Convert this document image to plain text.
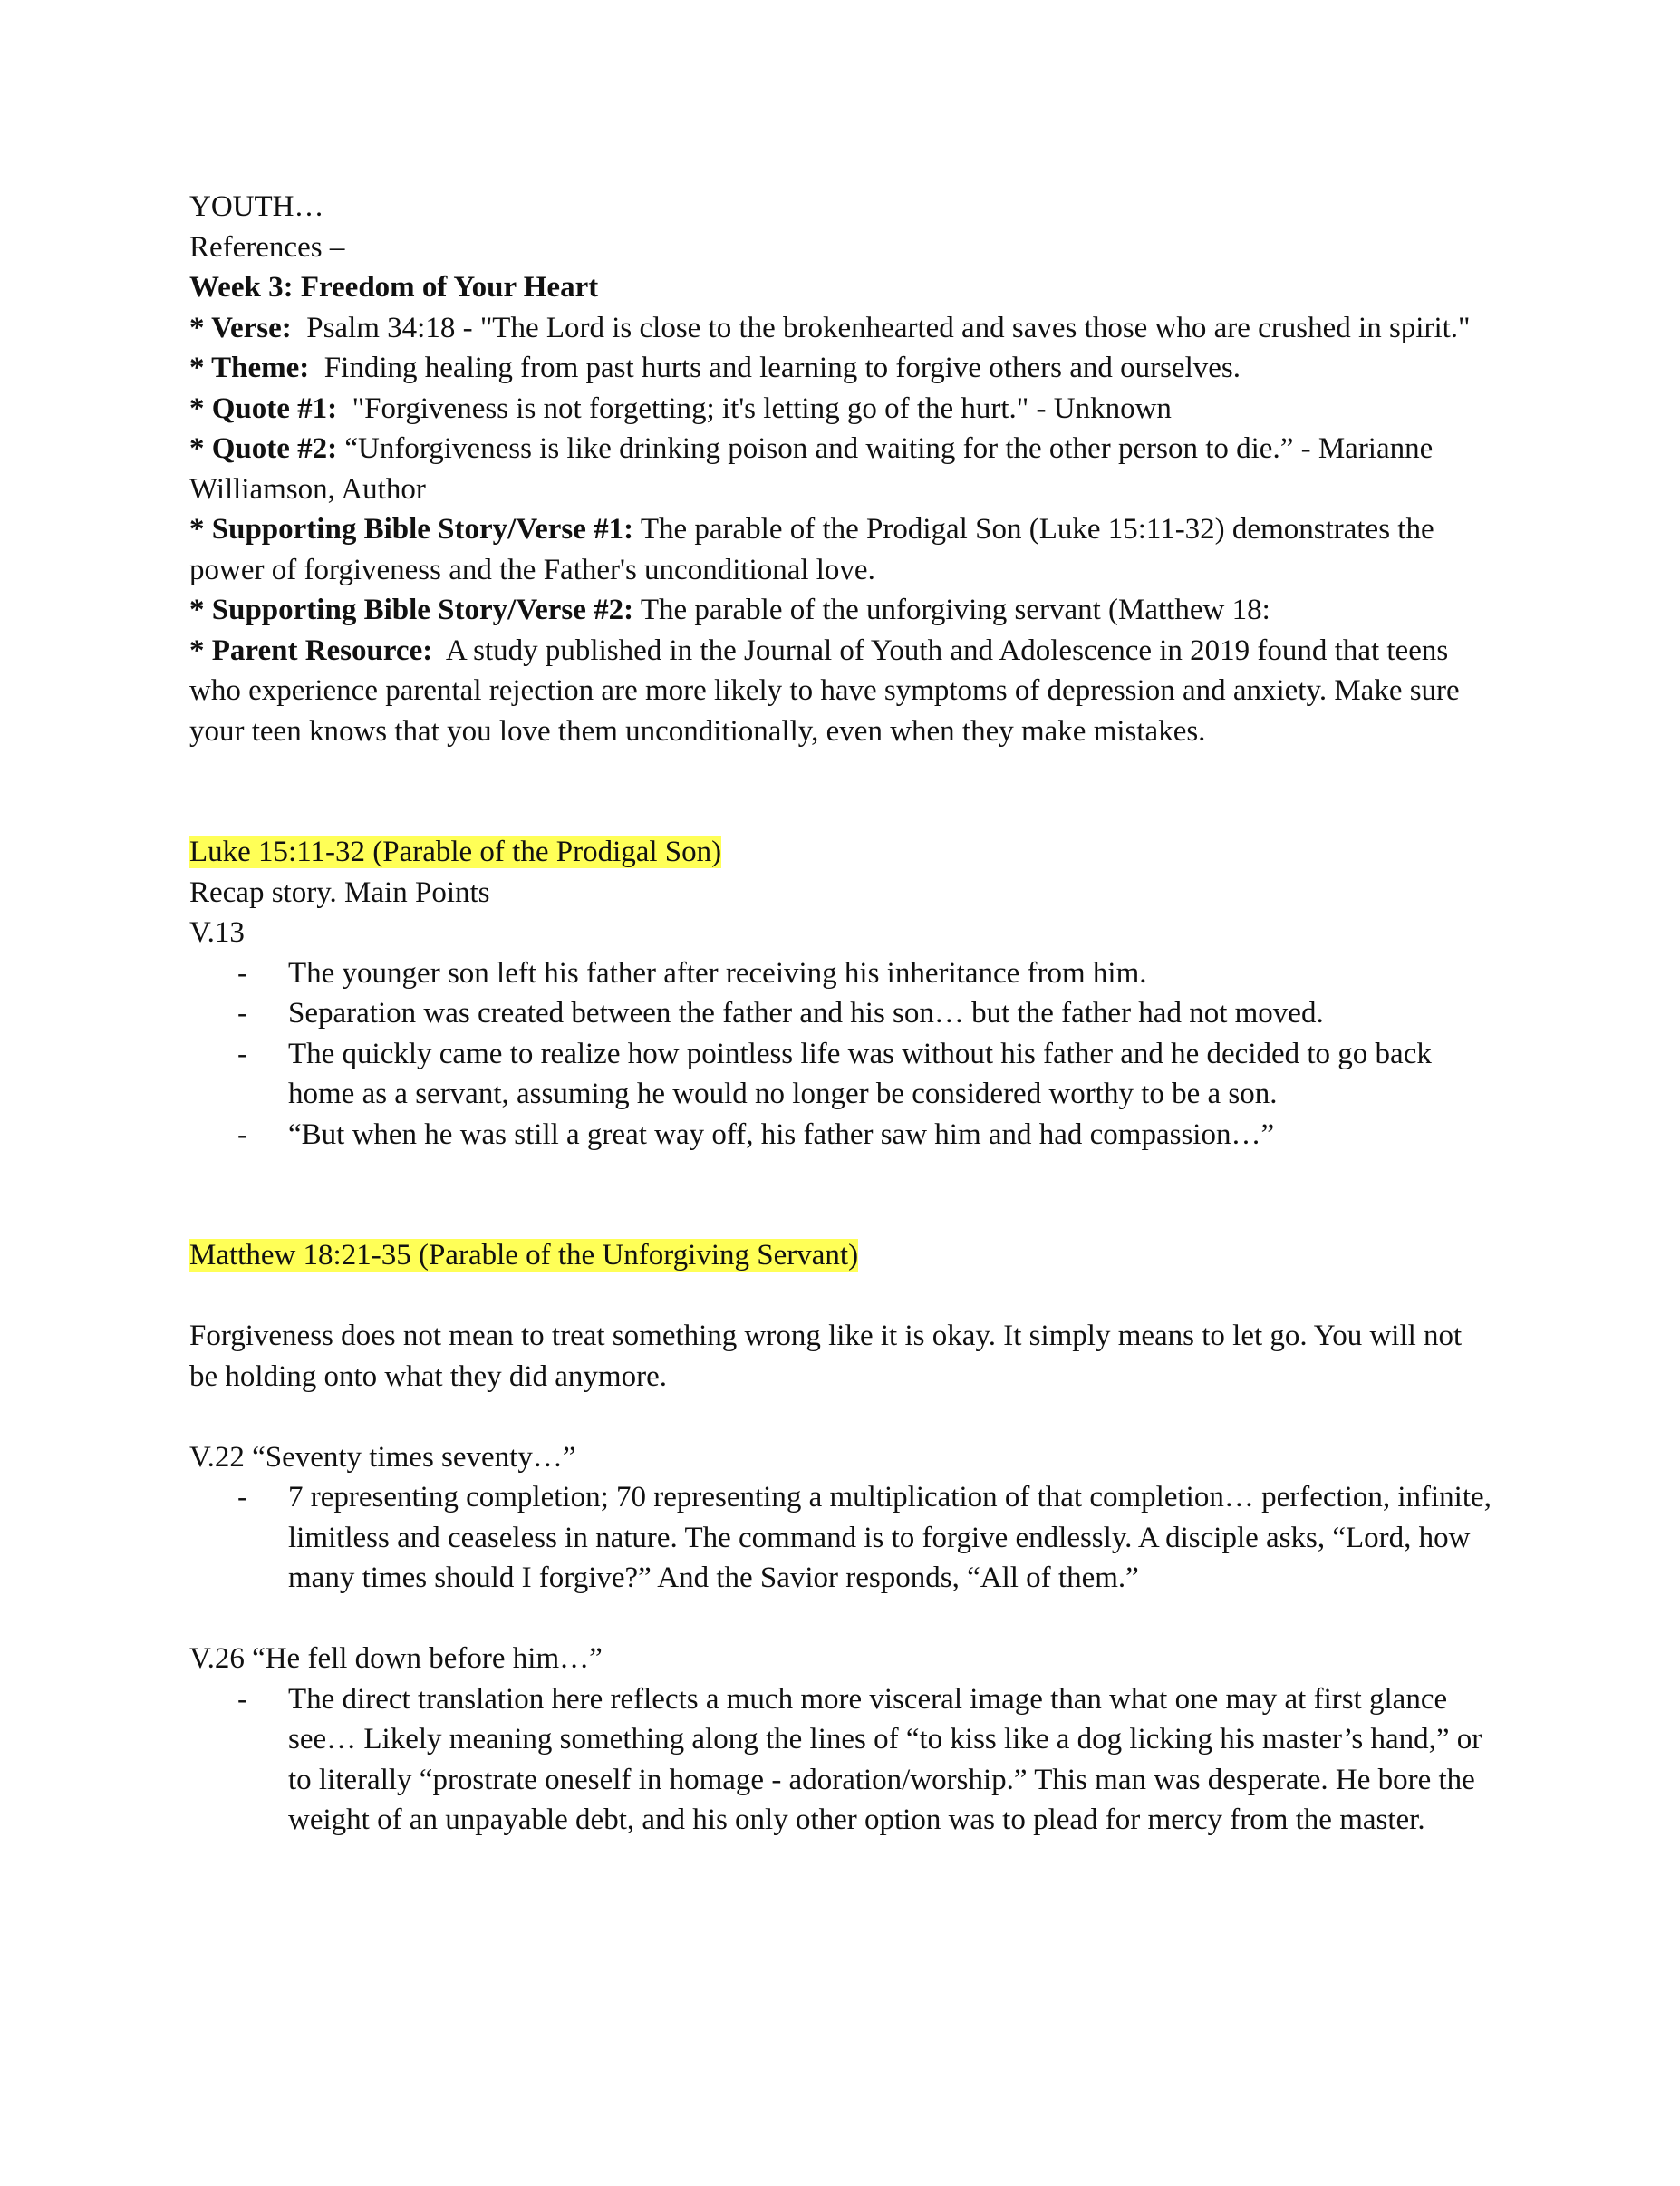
YOUTH…
References –
Week 3: Freedom of Your Heart
* Verse: Psalm 34:18 - "The Lord is close to the brokenhearted and saves those who are crushed in spirit."
* Theme: Finding healing from past hurts and learning to forgive others and ourselves.
* Quote #1: "Forgiveness is not forgetting; it's letting go of the hurt." - Unknown
* Quote #2: “Unforgiveness is like drinking poison and waiting for the other person to die.” - Marianne Williamson, Author
* Supporting Bible Story/Verse #1: The parable of the Prodigal Son (Luke 15:11-32) demonstrates the power of forgiveness and the Father's unconditional love.
* Supporting Bible Story/Verse #2: The parable of the unforgiving servant (Matthew 18:
* Parent Resource: A study published in the Journal of Youth and Adolescence in 2019 found that teens who experience parental rejection are more likely to have symptoms of depression and anxiety. Make sure your teen knows that you love them unconditionally, even when they make mistakes.
Luke 15:11-32 (Parable of the Prodigal Son)
Recap story. Main Points
V.13
- The younger son left his father after receiving his inheritance from him.
- Separation was created between the father and his son… but the father had not moved.
- The quickly came to realize how pointless life was without his father and he decided to go back home as a servant, assuming he would no longer be considered worthy to be a son.
- “But when he was still a great way off, his father saw him and had compassion…”
Matthew 18:21-35 (Parable of the Unforgiving Servant)
Forgiveness does not mean to treat something wrong like it is okay. It simply means to let go. You will not be holding onto what they did anymore.
V.22 “Seventy times seventy…”
- 7 representing completion; 70 representing a multiplication of that completion… perfection, infinite, limitless and ceaseless in nature. The command is to forgive endlessly. A disciple asks, “Lord, how many times should I forgive?” And the Savior responds, “All of them.”
V.26 “He fell down before him…”
- The direct translation here reflects a much more visceral image than what one may at first glance see… Likely meaning something along the lines of “to kiss like a dog licking his master’s hand,” or to literally “prostrate oneself in homage - adoration/worship.” This man was desperate. He bore the weight of an unpayable debt, and his only other option was to plead for mercy from the master.
